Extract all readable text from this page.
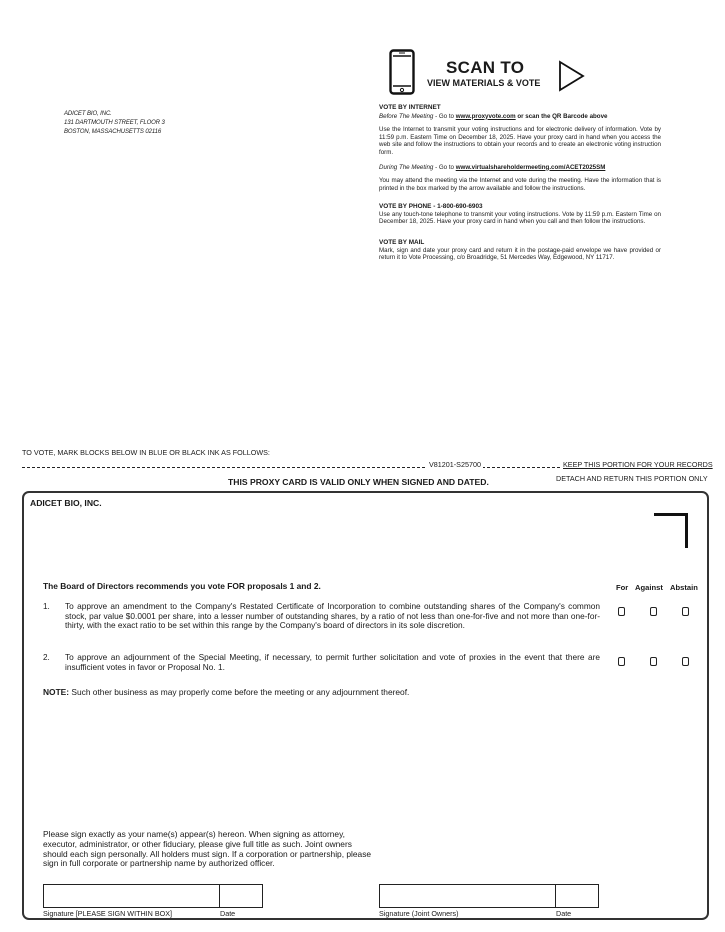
ADICET BIO, INC.
131 DARTMOUTH STREET, FLOOR 3
BOSTON, MASSACHUSETTS 02116
SCAN TO
VIEW MATERIALS & VOTE
VOTE BY INTERNET
Before The Meeting - Go to www.proxyvote.com or scan the QR Barcode above

Use the Internet to transmit your voting instructions and for electronic delivery of information. Vote by 11:59 p.m. Eastern Time on December 18, 2025. Have your proxy card in hand when you access the web site and follow the instructions to obtain your records and to create an electronic voting instruction form.

During The Meeting - Go to www.virtualshareholdermeeting.com/ACET2025SM

You may attend the meeting via the Internet and vote during the meeting. Have the information that is printed in the box marked by the arrow available and follow the instructions.

VOTE BY PHONE - 1-800-690-6903

Use any touch-tone telephone to transmit your voting instructions. Vote by 11:59 p.m. Eastern Time on December 18, 2025. Have your proxy card in hand when you call and then follow the instructions.

VOTE BY MAIL

Mark, sign and date your proxy card and return it in the postage-paid envelope we have provided or return it to Vote Processing, c/o Broadridge, 51 Mercedes Way, Edgewood, NY 11717.

TO VOTE, MARK BLOCKS BELOW IN BLUE OR BLACK INK AS FOLLOWS:
V81201-S25700	KEEP THIS PORTION FOR YOUR RECORDS
THIS PROXY CARD IS VALID ONLY WHEN SIGNED AND DATED.	DETACH AND RETURN THIS PORTION ONLY
ADICET BIO, INC.
The Board of Directors recommends you vote FOR proposals 1 and 2.	For Against Abstain
1. To approve an amendment to the Company's Restated Certificate of Incorporation to combine outstanding shares of the Company's common stock, par value $0.0001 per share, into a lesser number of outstanding shares, by a ratio of not less than one-for-five and not more than one-for-thirty, with the exact ratio to be set within this range by the Company's board of directors in its sole discretion.
2. To approve an adjournment of the Special Meeting, if necessary, to permit further solicitation and vote of proxies in the event that there are insufficient votes in favor or Proposal No. 1.
NOTE: Such other business as may properly come before the meeting or any adjournment thereof.
Please sign exactly as your name(s) appear(s) hereon. When signing as attorney, executor, administrator, or other fiduciary, please give full title as such. Joint owners should each sign personally. All holders must sign. If a corporation or partnership, please sign in full corporate or partnership name by authorized officer.
Signature [PLEASE SIGN WITHIN BOX]	Date	Signature (Joint Owners)	Date
